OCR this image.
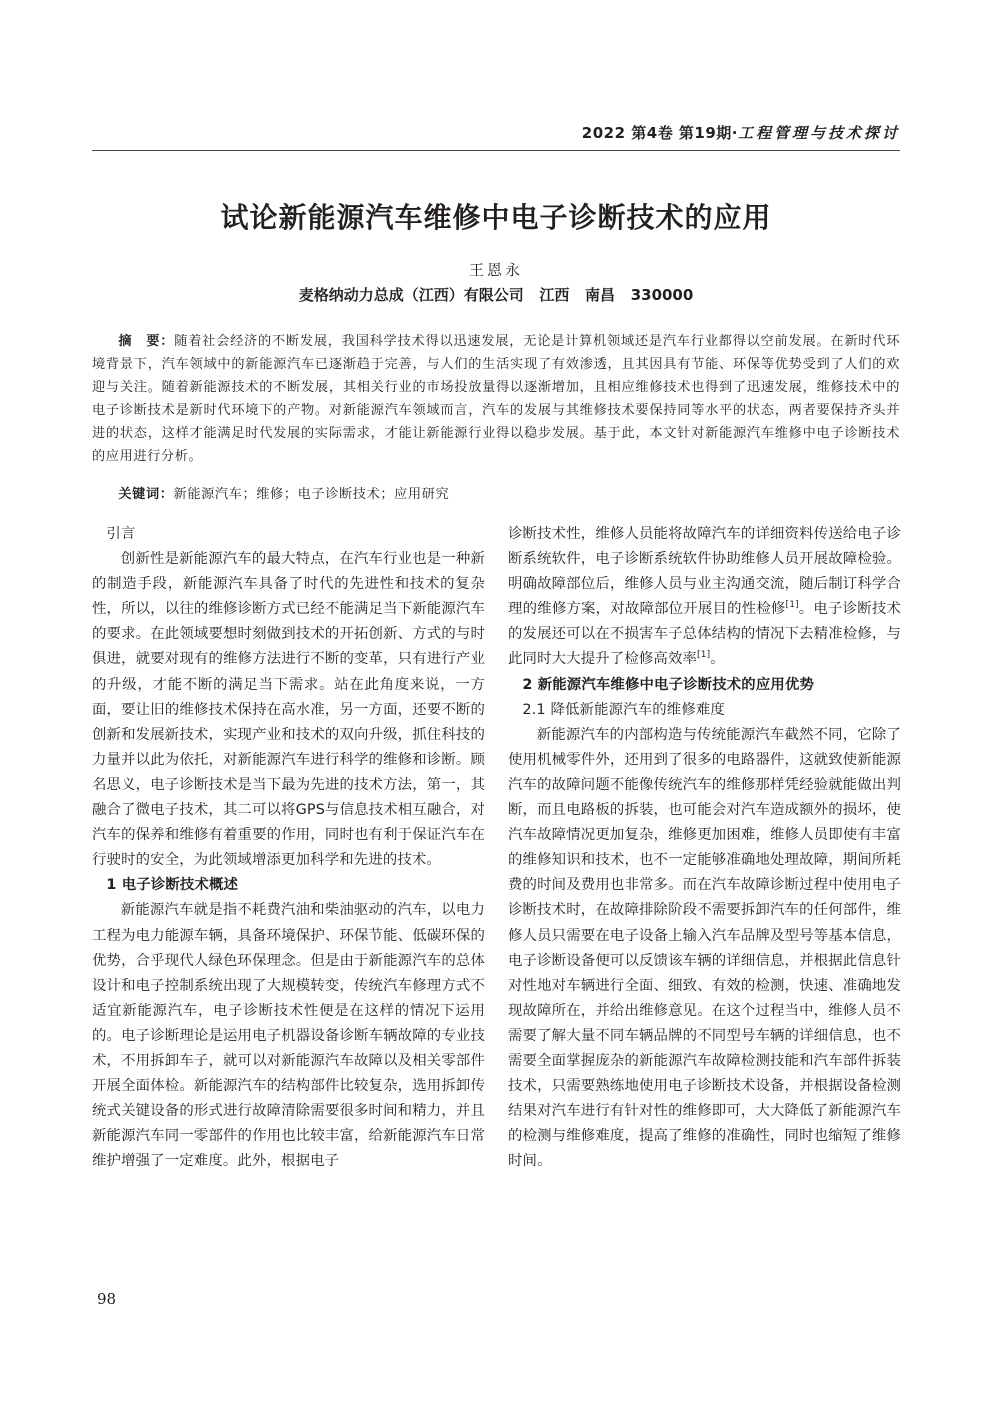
2022 第4卷 第19期·工程管理与技术探讨
试论新能源汽车维修中电子诊断技术的应用
王恩永
麦格纳动力总成（江西）有限公司   江西   南昌   330000
摘　要：随着社会经济的不断发展，我国科学技术得以迅速发展，无论是计算机领域还是汽车行业都得以空前发展。在新时代环境背景下，汽车领域中的新能源汽车已逐渐趋于完善，与人们的生活实现了有效渗透，且其因具有节能、环保等优势受到了人们的欢迎与关注。随着新能源技术的不断发展，其相关行业的市场投放量得以逐渐增加，且相应维修技术也得到了迅速发展，维修技术中的电子诊断技术是新时代环境下的产物。对新能源汽车领域而言，汽车的发展与其维修技术要保持同等水平的状态，两者要保持齐头并进的状态，这样才能满足时代发展的实际需求，才能让新能源行业得以稳步发展。基于此，本文针对新能源汽车维修中电子诊断技术的应用进行分析。
关键词：新能源汽车；维修；电子诊断技术；应用研究
引言

创新性是新能源汽车的最大特点，在汽车行业也是一种新的制造手段，新能源汽车具备了时代的先进性和技术的复杂性，所以，以往的维修诊断方式已经不能满足当下新能源汽车的要求。在此领域要想时刻做到技术的开拓创新、方式的与时俱进，就要对现有的维修方法进行不断的变革，只有进行产业的升级，才能不断的满足当下需求。站在此角度来说，一方面，要让旧的维修技术保持在高水准，另一方面，还要不断的创新和发展新技术，实现产业和技术的双向升级，抓住科技的力量并以此为依托，对新能源汽车进行科学的维修和诊断。顾名思义，电子诊断技术是当下最为先进的技术方法，第一，其融合了微电子技术，其二可以将GPS与信息技术相互融合，对汽车的保养和维修有着重要的作用，同时也有利于保证汽车在行驶时的安全，为此领域增添更加科学和先进的技术。

1 电子诊断技术概述

新能源汽车就是指不耗费汽油和柴油驱动的汽车，以电力工程为电力能源车辆，具备环境保护、环保节能、低碳环保的优势，合乎现代人绿色环保理念。但是由于新能源汽车的总体设计和电子控制系统出现了大规模转变，传统汽车修理方式不适宜新能源汽车，电子诊断技术性便是在这样的情况下运用的。电子诊断理论是运用电子机器设备诊断车辆故障的专业技术，不用拆卸车子，就可以对新能源汽车故障以及相关零部件开展全面体检。新能源汽车的结构部件比较复杂，选用拆卸传统式关键设备的形式进行故障清除需要很多时间和精力，并且新能源汽车同一零部件的作用也比较丰富，给新能源汽车日常维护增强了一定难度。此外，根据电子

诊断技术性，维修人员能将故障汽车的详细资料传送给电子诊断系统软件，电子诊断系统软件协助维修人员开展故障检验。明确故障部位后，维修人员与业主沟通交流，随后制订科学合理的维修方案，对故障部位开展目的性检修[1]。电子诊断技术的发展还可以在不损害车子总体结构的情况下去精准检修，与此同时大大提升了检修高效率[1]。

2 新能源汽车维修中电子诊断技术的应用优势
2.1 降低新能源汽车的维修难度

新能源汽车的内部构造与传统能源汽车截然不同，它除了使用机械零件外，还用到了很多的电路器件，这就致使新能源汽车的故障问题不能像传统汽车的维修那样凭经验就能做出判断，而且电路板的拆装，也可能会对汽车造成额外的损坏，使汽车故障情况更加复杂，维修更加困难，维修人员即使有丰富的维修知识和技术，也不一定能够准确地处理故障，期间所耗费的时间及费用也非常多。而在汽车故障诊断过程中使用电子诊断技术时，在故障排除阶段不需要拆卸汽车的任何部件，维修人员只需要在电子设备上输入汽车品牌及型号等基本信息，电子诊断设备便可以反馈该车辆的详细信息，并根据此信息针对性地对车辆进行全面、细致、有效的检测，快速、准确地发现故障所在，并给出维修意见。在这个过程当中，维修人员不需要了解大量不同车辆品牌的不同型号车辆的详细信息，也不需要全面掌握庞杂的新能源汽车故障检测技能和汽车部件拆装技术，只需要熟练地使用电子诊断技术设备，并根据设备检测结果对汽车进行有针对性的维修即可，大大降低了新能源汽车的检测与维修难度，提高了维修的准确性，同时也缩短了维修时间。

98
